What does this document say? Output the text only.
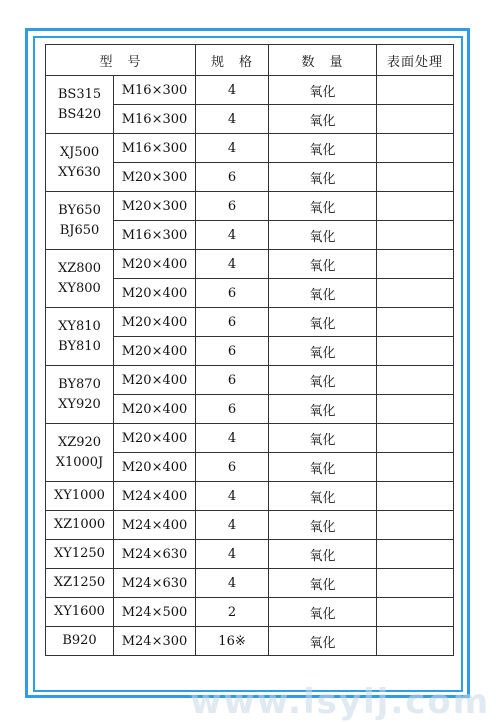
型　号		规　格	数　量	表面处理

BS315
BS420	M16×300	4	氧化	
	M16×300	4	氧化	

XJ500
XY630	M16×300	4	氧化	
	M20×300	6	氧化	

BY650
BJ650	M20×300	6	氧化	
	M16×300	4	氧化	

XZ800
XY800	M20×400	4	氧化	
	M20×400	6	氧化	

XY810
BY810	M20×400	6	氧化	
	M20×400	6	氧化	

BY870
XY920	M20×400	6	氧化	
	M20×400	6	氧化	

XZ920
X1000J	M20×400	4	氧化	
	M20×400	6	氧化	

XY1000	M24×400	4	氧化	

XZ1000	M24×400	4	氧化	

XY1250	M24×630	4	氧化	

XZ1250	M24×630	4	氧化	

XY1600	M24×500	2	氧化	

B920	M24×300	16※	氧化	
www.lsylj.com
